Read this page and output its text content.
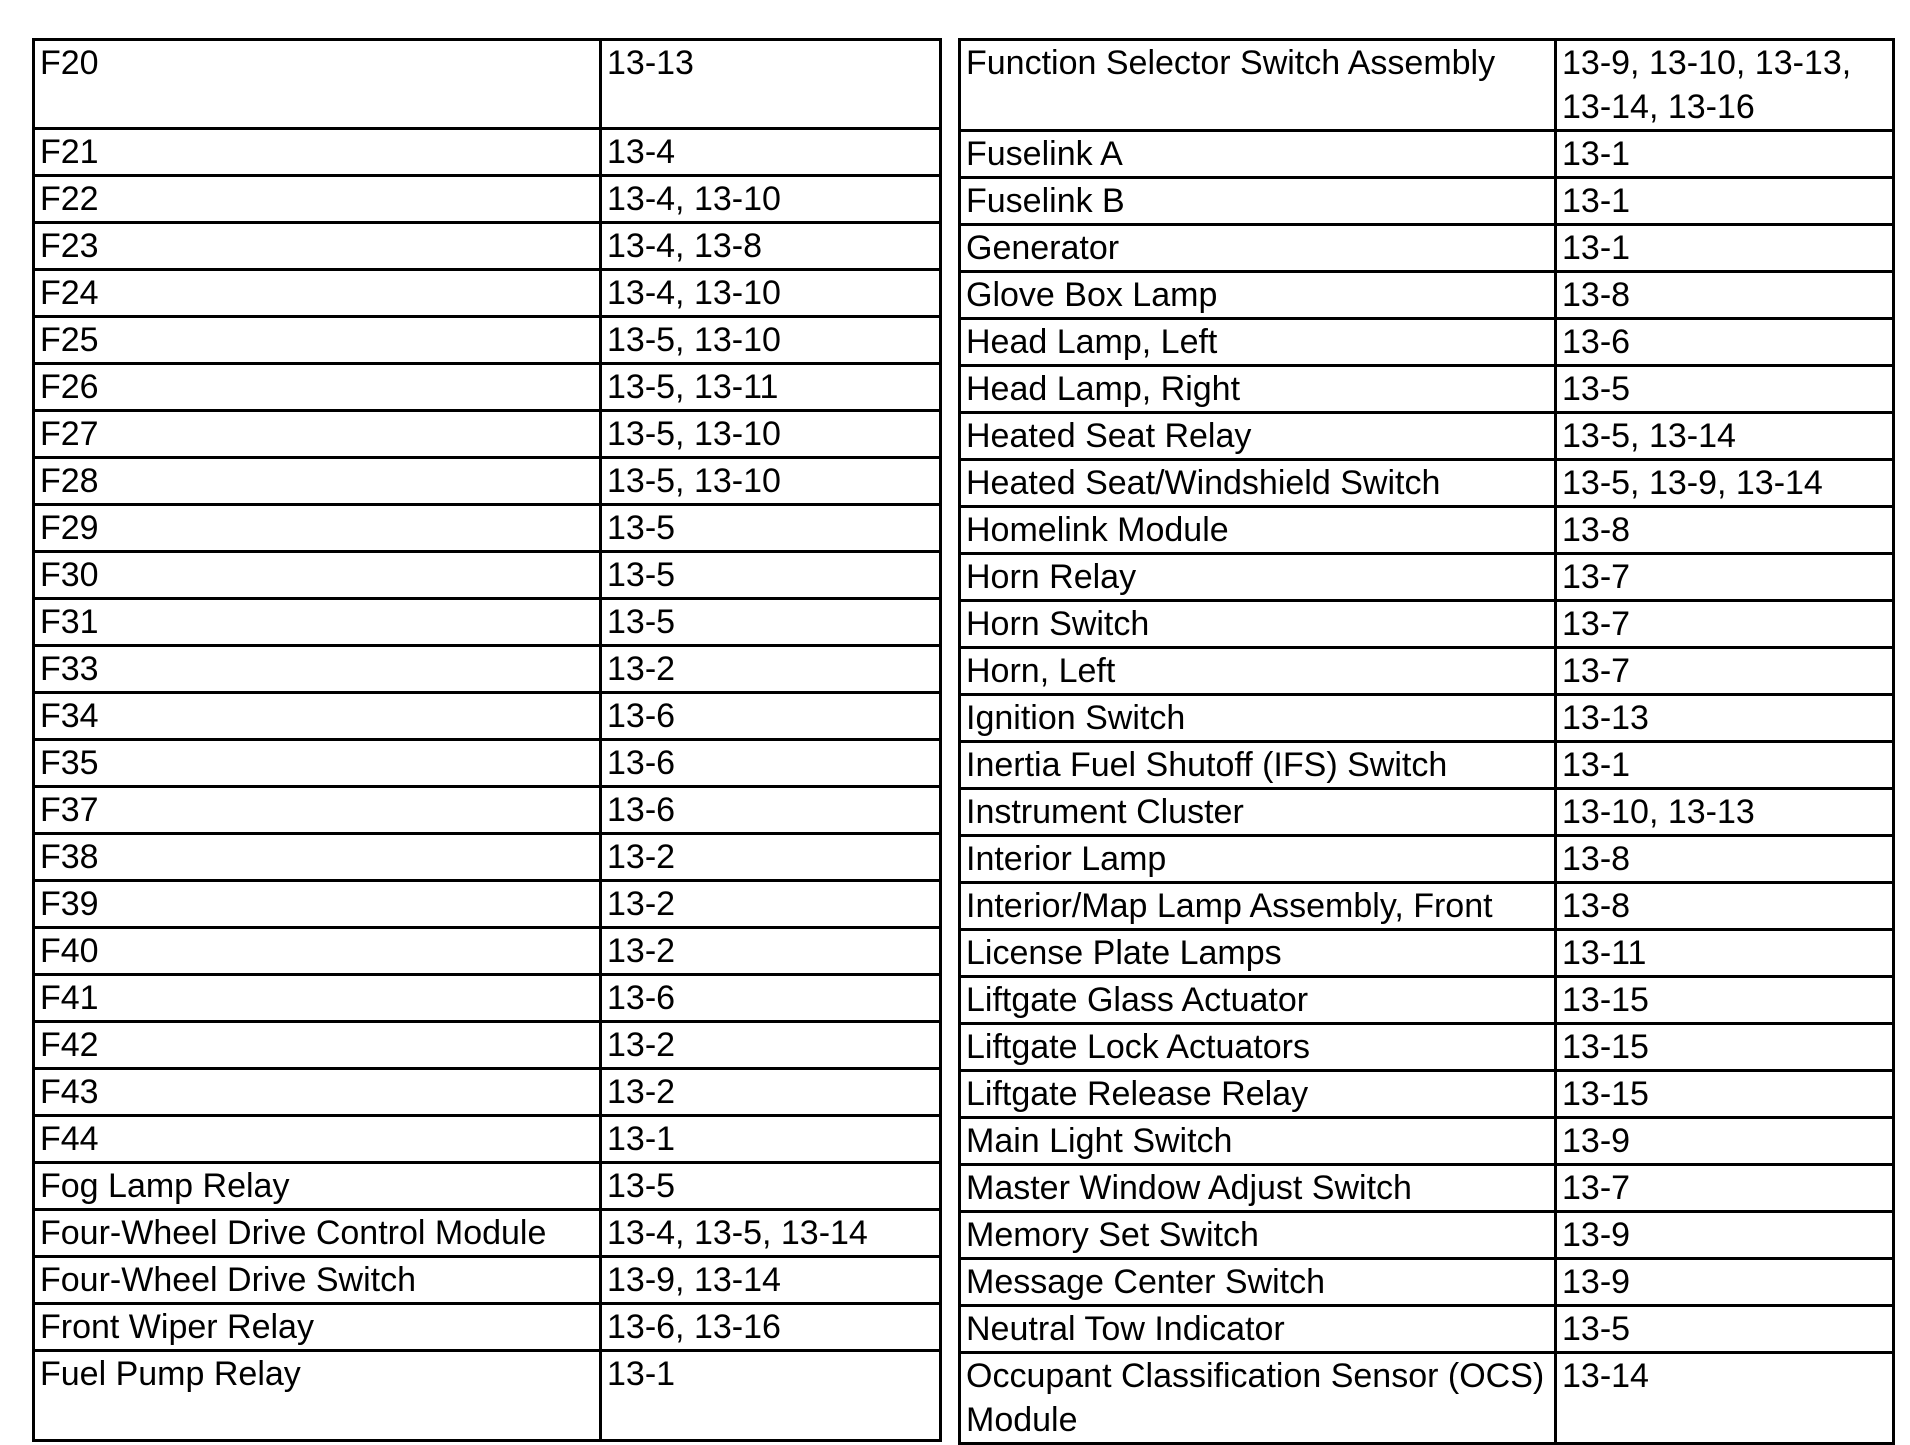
F20	13-13
F21	13-4
F22	13-4, 13-10
F23	13-4, 13-8
F24	13-4, 13-10
F25	13-5, 13-10
F26	13-5, 13-11
F27	13-5, 13-10
F28	13-5, 13-10
F29	13-5
F30	13-5
F31	13-5
F33	13-2
F34	13-6
F35	13-6
F37	13-6
F38	13-2
F39	13-2
F40	13-2
F41	13-6
F42	13-2
F43	13-2
F44	13-1
Fog Lamp Relay	13-5
Four-Wheel Drive Control Module	13-4, 13-5, 13-14
Four-Wheel Drive Switch	13-9, 13-14
Front Wiper Relay	13-6, 13-16
Fuel Pump Relay	13-1
Function Selector Switch Assembly	13-9, 13-10, 13-13, 13-14, 13-16
Fuselink A	13-1
Fuselink B	13-1
Generator	13-1
Glove Box Lamp	13-8
Head Lamp, Left	13-6
Head Lamp, Right	13-5
Heated Seat Relay	13-5, 13-14
Heated Seat/Windshield Switch	13-5, 13-9, 13-14
Homelink Module	13-8
Horn Relay	13-7
Horn Switch	13-7
Horn, Left	13-7
Ignition Switch	13-13
Inertia Fuel Shutoff (IFS) Switch	13-1
Instrument Cluster	13-10, 13-13
Interior Lamp	13-8
Interior/Map Lamp Assembly, Front	13-8
License Plate Lamps	13-11
Liftgate Glass Actuator	13-15
Liftgate Lock Actuators	13-15
Liftgate Release Relay	13-15
Main Light Switch	13-9
Master Window Adjust Switch	13-7
Memory Set Switch	13-9
Message Center Switch	13-9
Neutral Tow Indicator	13-5
Occupant Classification Sensor (OCS) Module	13-14
